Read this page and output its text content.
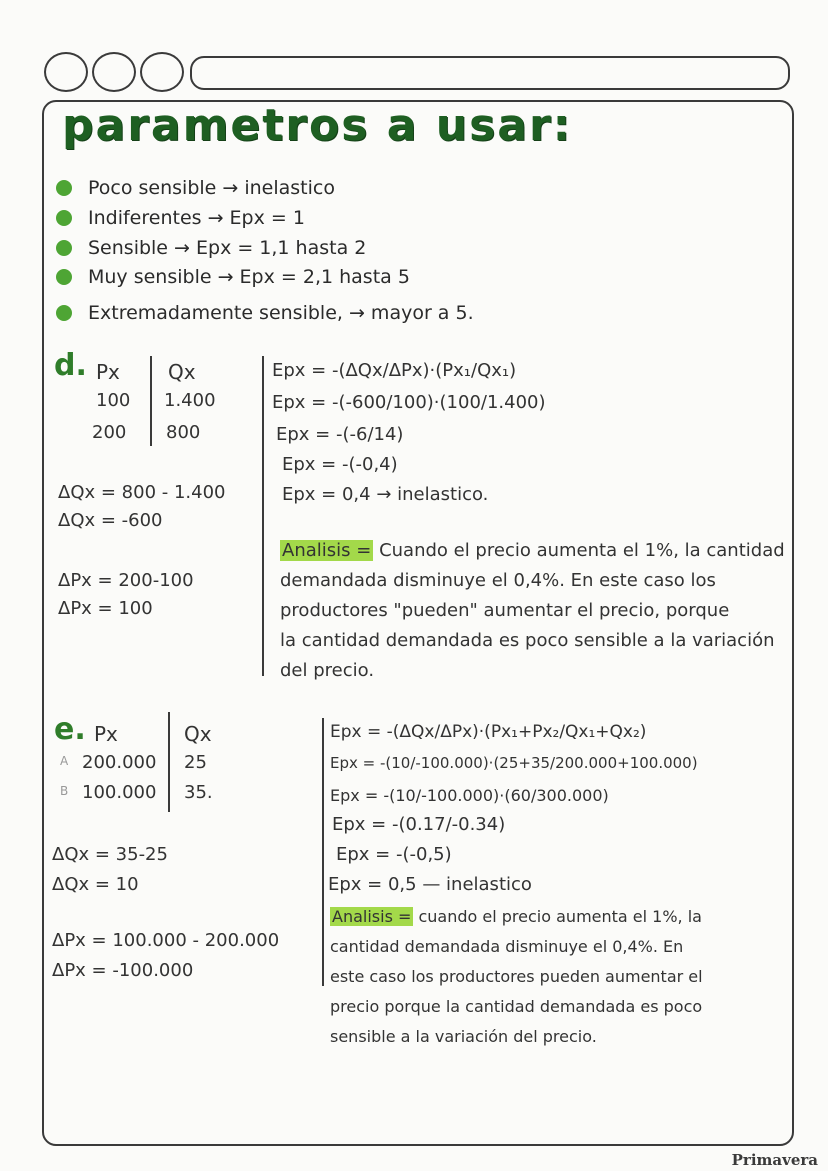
parametros a usar:
Poco sensible → inelastico
Indiferentes → Epx = 1
Sensible → Epx = 1,1 hasta 2
Muy sensible → Epx = 2,1 hasta 5
Extremadamente sensible, → mayor a 5.
d. Px Qx
100 1.400
200 800
Epx = -(ΔQx/ΔPx)·(Px₁/Qx₁)
Epx = -(-600/100)·(100/1.400)
Epx = -(-6/14)
Epx = -(-0,4)
Epx = 0,4 → inelastico.
ΔQx = 800 - 1.400
ΔQx = -600
ΔPx = 200-100
ΔPx = 100
Analisis = Cuando el precio aumenta el 1%, la cantidad
demandada disminuye el 0,4%. En este caso los
productores "pueden" aumentar el precio, porque
la cantidad demandada es poco sensible a la variación
del precio.
e. Px	Qx
A 200.000 25
B 100.000 35.
Epx = -(ΔQx/ΔPx)·(Px₁+Px₂/Qx₁+Qx₂)
Epx = -(10/-100.000)·(25+35/200.000+100.000)
Epx = -(10/-100.000)·(60/300.000)
Epx = -(0.17/-0.34)
Epx = -(-0,5)
Epx = 0,5 — inelastico
ΔQx = 35-25
ΔQx = 10
ΔPx = 100.000 - 200.000
ΔPx = -100.000
Analisis = cuando el precio aumenta el 1%, la
cantidad demandada disminuye el 0,4%. En
este caso los productores pueden aumentar el
precio porque la cantidad demandada es poco
sensible a la variación del precio.
Primavera
